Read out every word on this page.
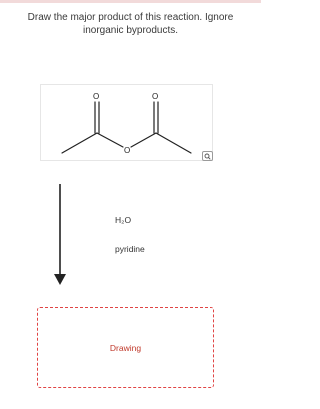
Draw the major product of this reaction. Ignore
inorganic byproducts.
O	O
O
H₂O
pyridine
Drawing
